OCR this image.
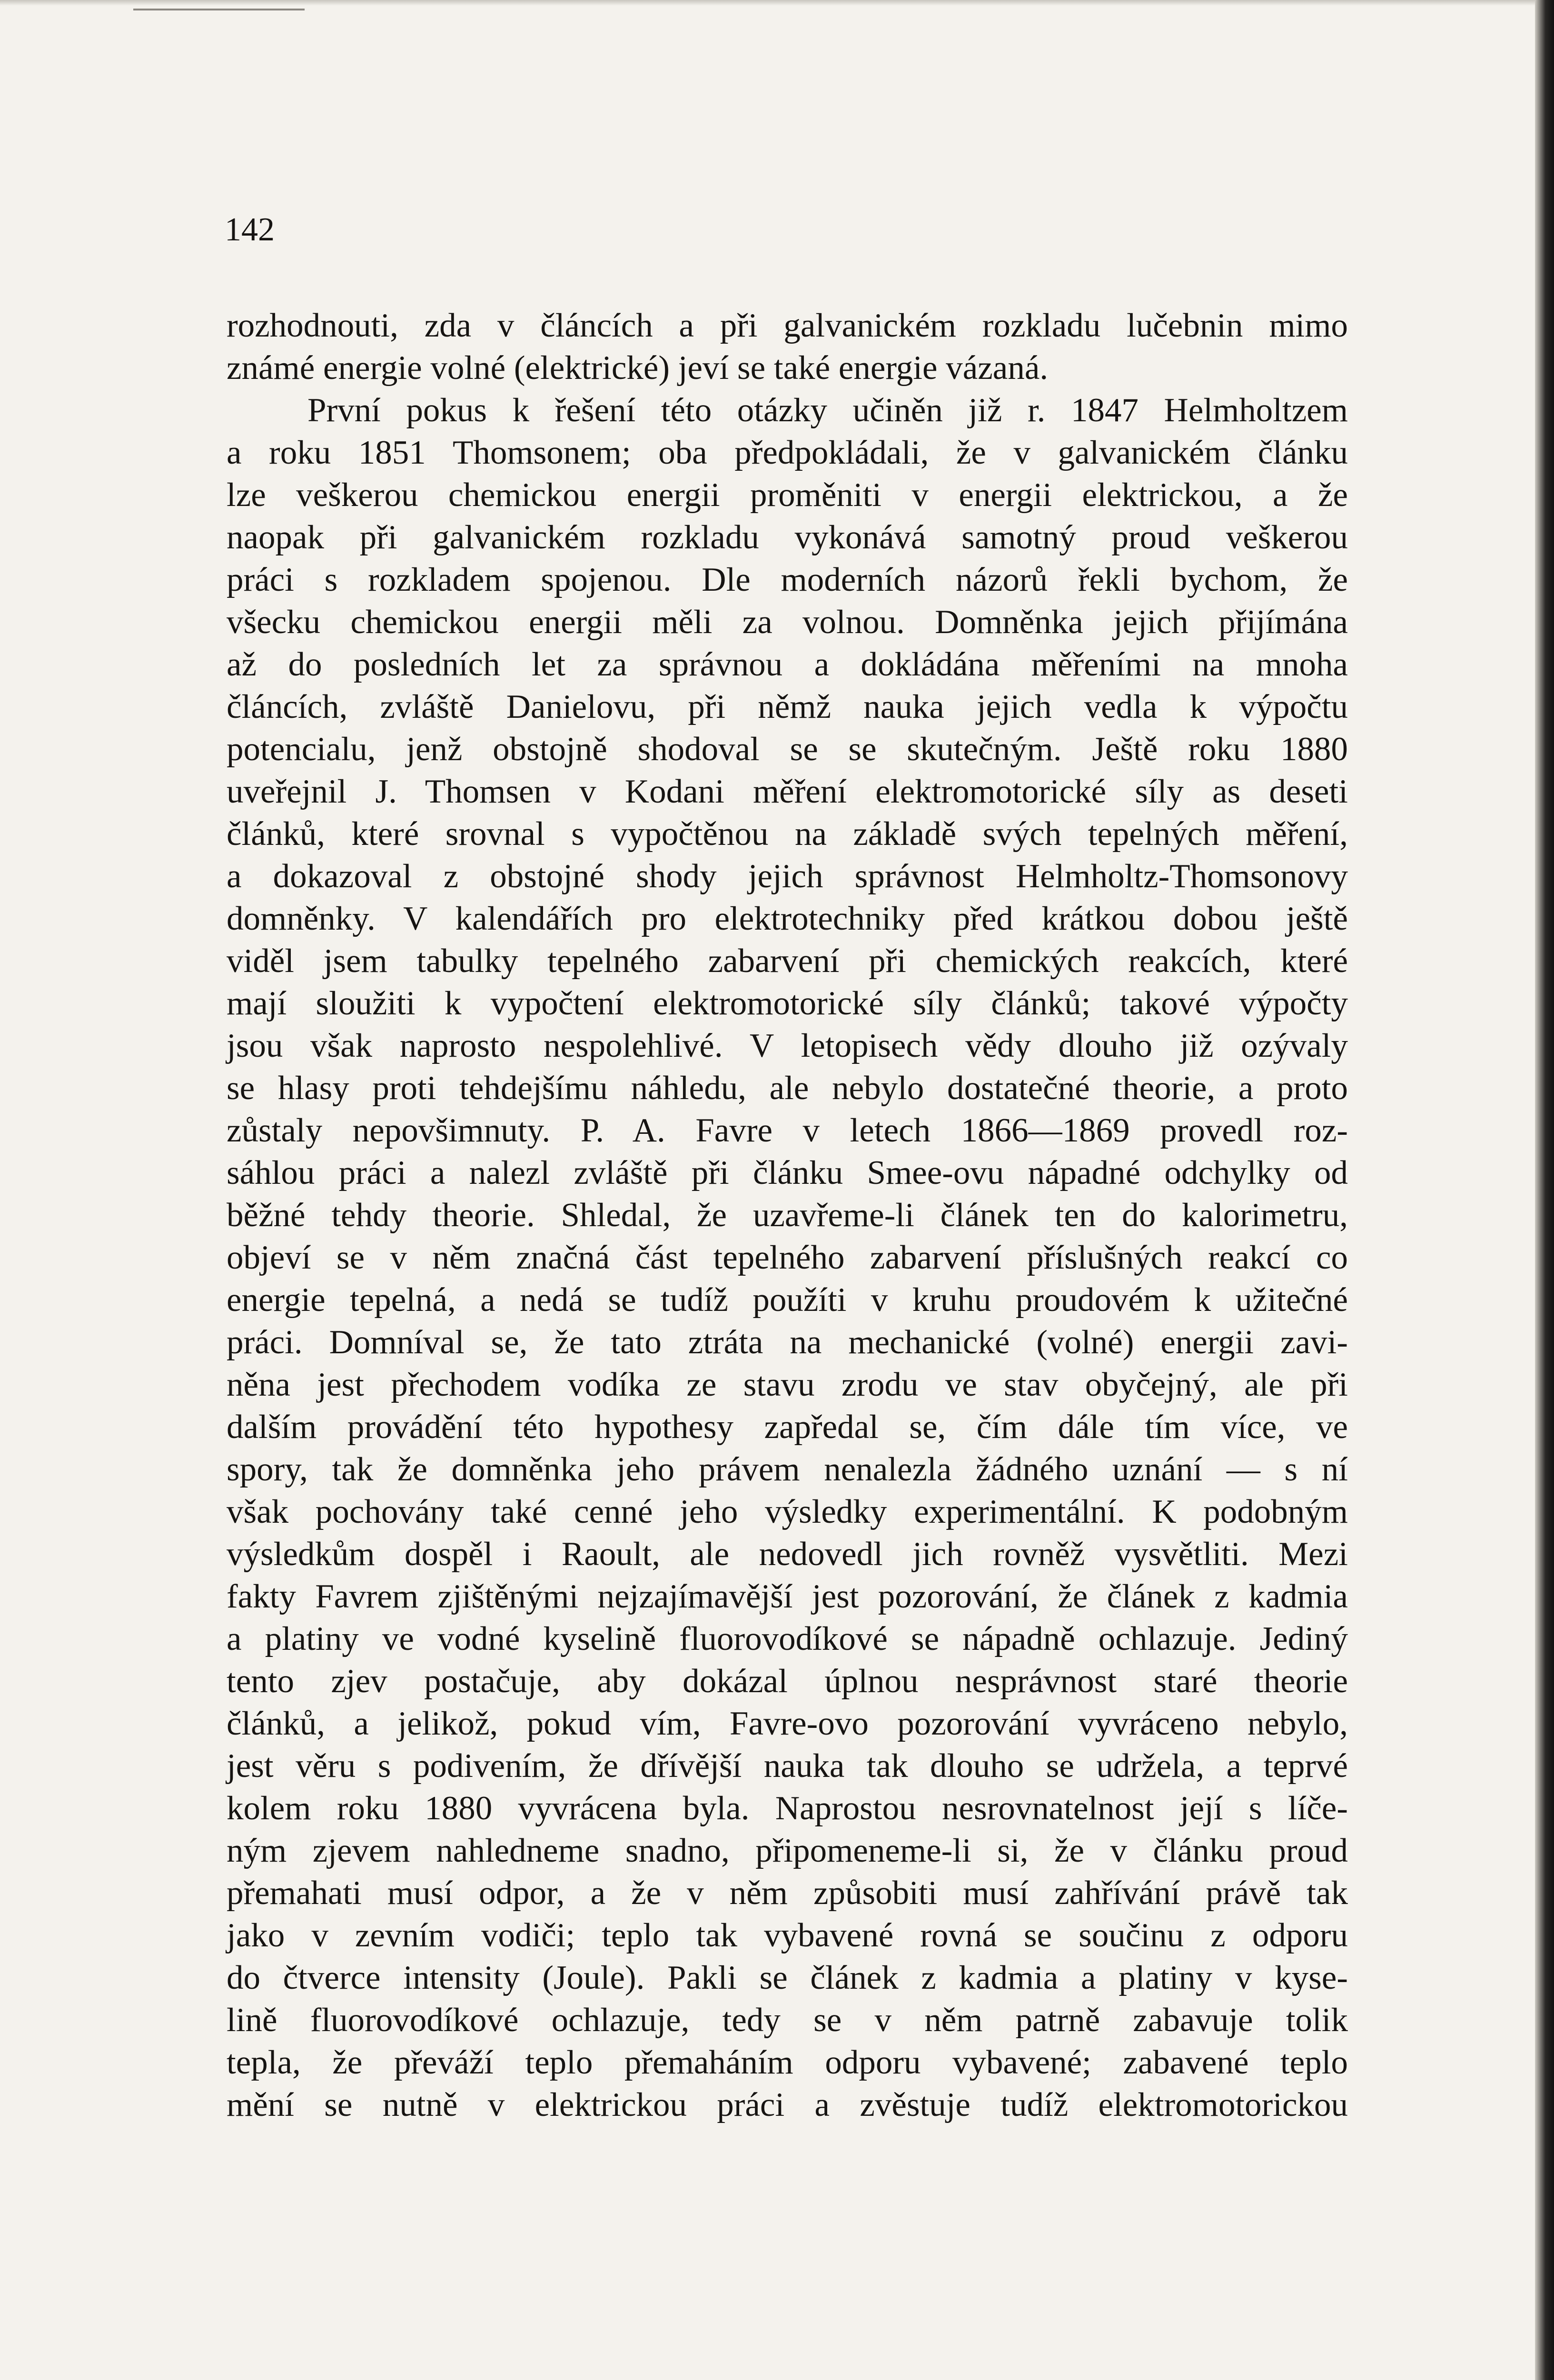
142
rozhodnouti, zda v článcích a při galvanickém rozkladu lučebnin mimo
známé energie volné (elektrické) jeví se také energie vázaná.
První pokus k řešení této otázky učiněn již r. 1847 Helmholtzem
a roku 1851 Thomsonem; oba předpokládali, že v galvanickém článku
lze veškerou chemickou energii proměniti v energii elektrickou, a že
naopak při galvanickém rozkladu vykonává samotný proud veškerou
práci s rozkladem spojenou. Dle moderních názorů řekli bychom, že
všecku chemickou energii měli za volnou. Domněnka jejich přijímána
až do posledních let za správnou a dokládána měřeními na mnoha
článcích, zvláště Danielovu, při němž nauka jejich vedla k výpočtu
potencialu, jenž obstojně shodoval se se skutečným. Ještě roku 1880
uveřejnil J. Thomsen v Kodani měření elektromotorické síly as deseti
článků, které srovnal s vypočtěnou na základě svých tepelných měření,
a dokazoval z obstojné shody jejich správnost Helmholtz-Thomsonovy
domněnky. V kalendářích pro elektrotechniky před krátkou dobou ještě
viděl jsem tabulky tepelného zabarvení při chemických reakcích, které
mají sloužiti k vypočtení elektromotorické síly článků; takové výpočty
jsou však naprosto nespolehlivé. V letopisech vědy dlouho již ozývaly
se hlasy proti tehdejšímu náhledu, ale nebylo dostatečné theorie, a proto
zůstaly nepovšimnuty. P. A. Favre v letech 1866—1869 provedl roz-
sáhlou práci a nalezl zvláště při článku Smee-ovu nápadné odchylky od
běžné tehdy theorie. Shledal, že uzavřeme-li článek ten do kalorimetru,
objeví se v něm značná část tepelného zabarvení příslušných reakcí co
energie tepelná, a nedá se tudíž použíti v kruhu proudovém k užitečné
práci. Domníval se, že tato ztráta na mechanické (volné) energii zavi-
něna jest přechodem vodíka ze stavu zrodu ve stav obyčejný, ale při
dalším provádění této hypothesy zapředal se, čím dále tím více, ve
spory, tak že domněnka jeho právem nenalezla žádného uznání — s ní
však pochovány také cenné jeho výsledky experimentální. K podobným
výsledkům dospěl i Raoult, ale nedovedl jich rovněž vysvětliti. Mezi
fakty Favrem zjištěnými nejzajímavější jest pozorování, že článek z kadmia
a platiny ve vodné kyselině fluorovodíkové se nápadně ochlazuje. Jediný
tento zjev postačuje, aby dokázal úplnou nesprávnost staré theorie
článků, a jelikož, pokud vím, Favre-ovo pozorování vyvráceno nebylo,
jest věru s podivením, že dřívější nauka tak dlouho se udržela, a teprvé
kolem roku 1880 vyvrácena byla. Naprostou nesrovnatelnost její s líče-
ným zjevem nahledneme snadno, připomeneme-li si, že v článku proud
přemahati musí odpor, a že v něm způsobiti musí zahřívání právě tak
jako v zevním vodiči; teplo tak vybavené rovná se součinu z odporu
do čtverce intensity (Joule). Pakli se článek z kadmia a platiny v kyse-
lině fluorovodíkové ochlazuje, tedy se v něm patrně zabavuje tolik
tepla, že převáží teplo přemaháním odporu vybavené; zabavené teplo
mění se nutně v elektrickou práci a zvěstuje tudíž elektromotorickou
